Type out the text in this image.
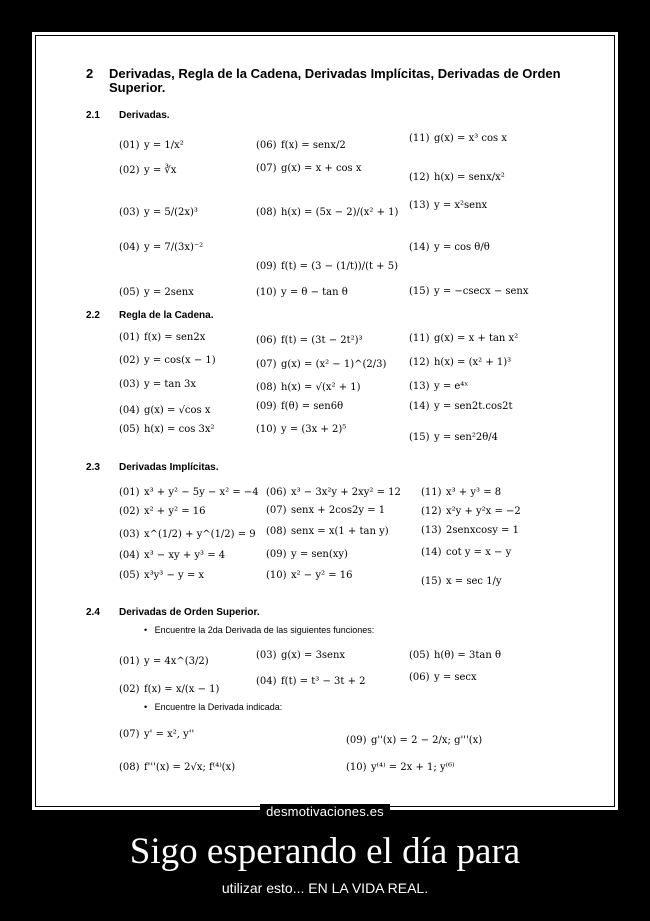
2 Derivadas, Regla de la Cadena, Derivadas Implícitas, Derivadas de Orden
Superior.
2.1 Derivadas.
(01) y = 1/x²
(02) y = ∛x
(03) y = 5/(2x)³
(04) y = 7/(3x)⁻²
(05) y = 2senx
(06) f(x) = senx/2
(07) g(x) = x + cos x
(08) h(x) = (5x − 2)/(x² + 1)
(09) f(t) = (3 − (1/t))/(t + 5)
(10) y = θ − tan θ
(11) g(x) = x³ cos x
(12) h(x) = senx/x²
(13) y = x²senx
(14) y = cos θ/θ
(15) y = −csecx − senx
2.2 Regla de la Cadena.
(01) f(x) = sen2x
(02) y = cos(x − 1)
(03) y = tan 3x
(04) g(x) = √cos x
(05) h(x) = cos 3x²
(06) f(t) = (3t − 2t²)³
(07) g(x) = (x² − 1)^(2/3)
(08) h(x) = √(x² + 1)
(09) f(θ) = sen6θ
(10) y = (3x + 2)⁵
(11) g(x) = x + tan x²
(12) h(x) = (x² + 1)³
(13) y = e⁴ˣ
(14) y = sen2t.cos2t
(15) y = sen²2θ/4
2.3 Derivadas Implícitas.
(01) x³ + y² − 5y − x² = −4
(02) x² + y² = 16
(03) x^(1/2) + y^(1/2) = 9
(04) x³ − xy + y³ = 4
(05) x³y³ − y = x
(06) x³ − 3x²y + 2xy² = 12
(07) senx + 2cos2y = 1
(08) senx = x(1 + tan y)
(09) y = sen(xy)
(10) x² − y² = 16
(11) x³ + y³ = 8
(12) x²y + y²x = −2
(13) 2senxcosy = 1
(14) cot y = x − y
(15) x = sec 1/y
2.4 Derivadas de Orden Superior.
• Encuentre la 2da Derivada de las siguientes funciones:
(01) y = 4x^(3/2)
(02) f(x) = x/(x − 1)
(03) g(x) = 3senx
(04) f(t) = t³ − 3t + 2
(05) h(θ) = 3tan θ
(06) y = secx
• Encuentre la Derivada indicada:
(07) y' = x², y''
(08) f'''(x) = 2√x; f⁽⁴⁾(x)
(09) g''(x) = 2 − 2/x; g'''(x)
(10) y⁽⁴⁾ = 2x + 1; y⁽⁶⁾
desmotivaciones.es
Sigo esperando el día para
utilizar esto... EN LA VIDA REAL.
